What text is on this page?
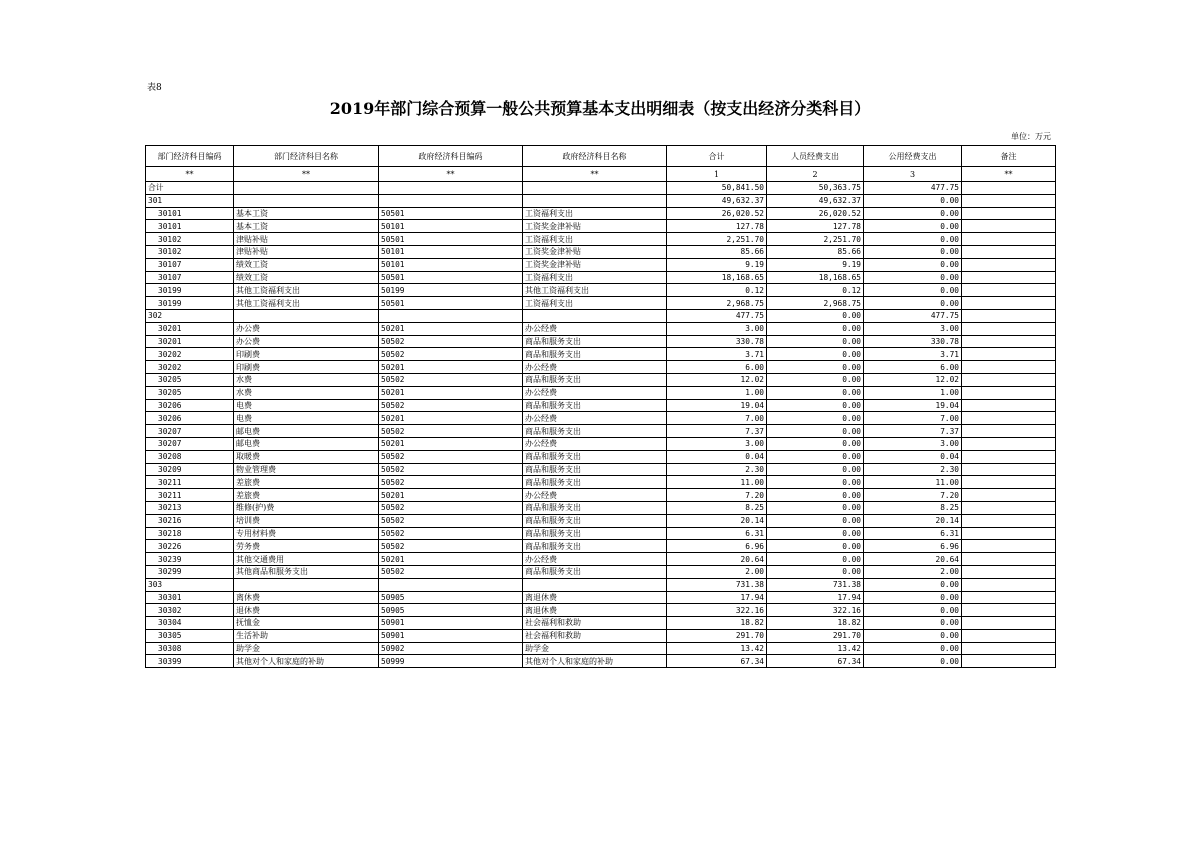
表8
2019年部门综合预算一般公共预算基本支出明细表（按支出经济分类科目）
单位：万元
部门经济科目编码	部门经济科目名称	政府经济科目编码	政府经济科目名称	合计	人员经费支出	公用经费支出	备注
**	**	**	**	1	2	3	**
合计				50,841.50	50,363.75	477.75	
301				49,632.37	49,632.37	0.00	
30101	基本工资	50501	工资福利支出	26,020.52	26,020.52	0.00	
30101	基本工资	50101	工资奖金津补贴	127.78	127.78	0.00	
30102	津贴补贴	50501	工资福利支出	2,251.70	2,251.70	0.00	
30102	津贴补贴	50101	工资奖金津补贴	85.66	85.66	0.00	
30107	绩效工资	50101	工资奖金津补贴	9.19	9.19	0.00	
30107	绩效工资	50501	工资福利支出	18,168.65	18,168.65	0.00	
30199	其他工资福利支出	50199	其他工资福利支出	0.12	0.12	0.00	
30199	其他工资福利支出	50501	工资福利支出	2,968.75	2,968.75	0.00	
302				477.75	0.00	477.75	
30201	办公费	50201	办公经费	3.00	0.00	3.00	
30201	办公费	50502	商品和服务支出	330.78	0.00	330.78	
30202	印刷费	50502	商品和服务支出	3.71	0.00	3.71	
30202	印刷费	50201	办公经费	6.00	0.00	6.00	
30205	水费	50502	商品和服务支出	12.02	0.00	12.02	
30205	水费	50201	办公经费	1.00	0.00	1.00	
30206	电费	50502	商品和服务支出	19.04	0.00	19.04	
30206	电费	50201	办公经费	7.00	0.00	7.00	
30207	邮电费	50502	商品和服务支出	7.37	0.00	7.37	
30207	邮电费	50201	办公经费	3.00	0.00	3.00	
30208	取暖费	50502	商品和服务支出	0.04	0.00	0.04	
30209	物业管理费	50502	商品和服务支出	2.30	0.00	2.30	
30211	差旅费	50502	商品和服务支出	11.00	0.00	11.00	
30211	差旅费	50201	办公经费	7.20	0.00	7.20	
30213	维修(护)费	50502	商品和服务支出	8.25	0.00	8.25	
30216	培训费	50502	商品和服务支出	20.14	0.00	20.14	
30218	专用材料费	50502	商品和服务支出	6.31	0.00	6.31	
30226	劳务费	50502	商品和服务支出	6.96	0.00	6.96	
30239	其他交通费用	50201	办公经费	20.64	0.00	20.64	
30299	其他商品和服务支出	50502	商品和服务支出	2.00	0.00	2.00	
303				731.38	731.38	0.00	
30301	离休费	50905	离退休费	17.94	17.94	0.00	
30302	退休费	50905	离退休费	322.16	322.16	0.00	
30304	抚恤金	50901	社会福利和救助	18.82	18.82	0.00	
30305	生活补助	50901	社会福利和救助	291.70	291.70	0.00	
30308	助学金	50902	助学金	13.42	13.42	0.00	
30399	其他对个人和家庭的补助	50999	其他对个人和家庭的补助	67.34	67.34	0.00	
